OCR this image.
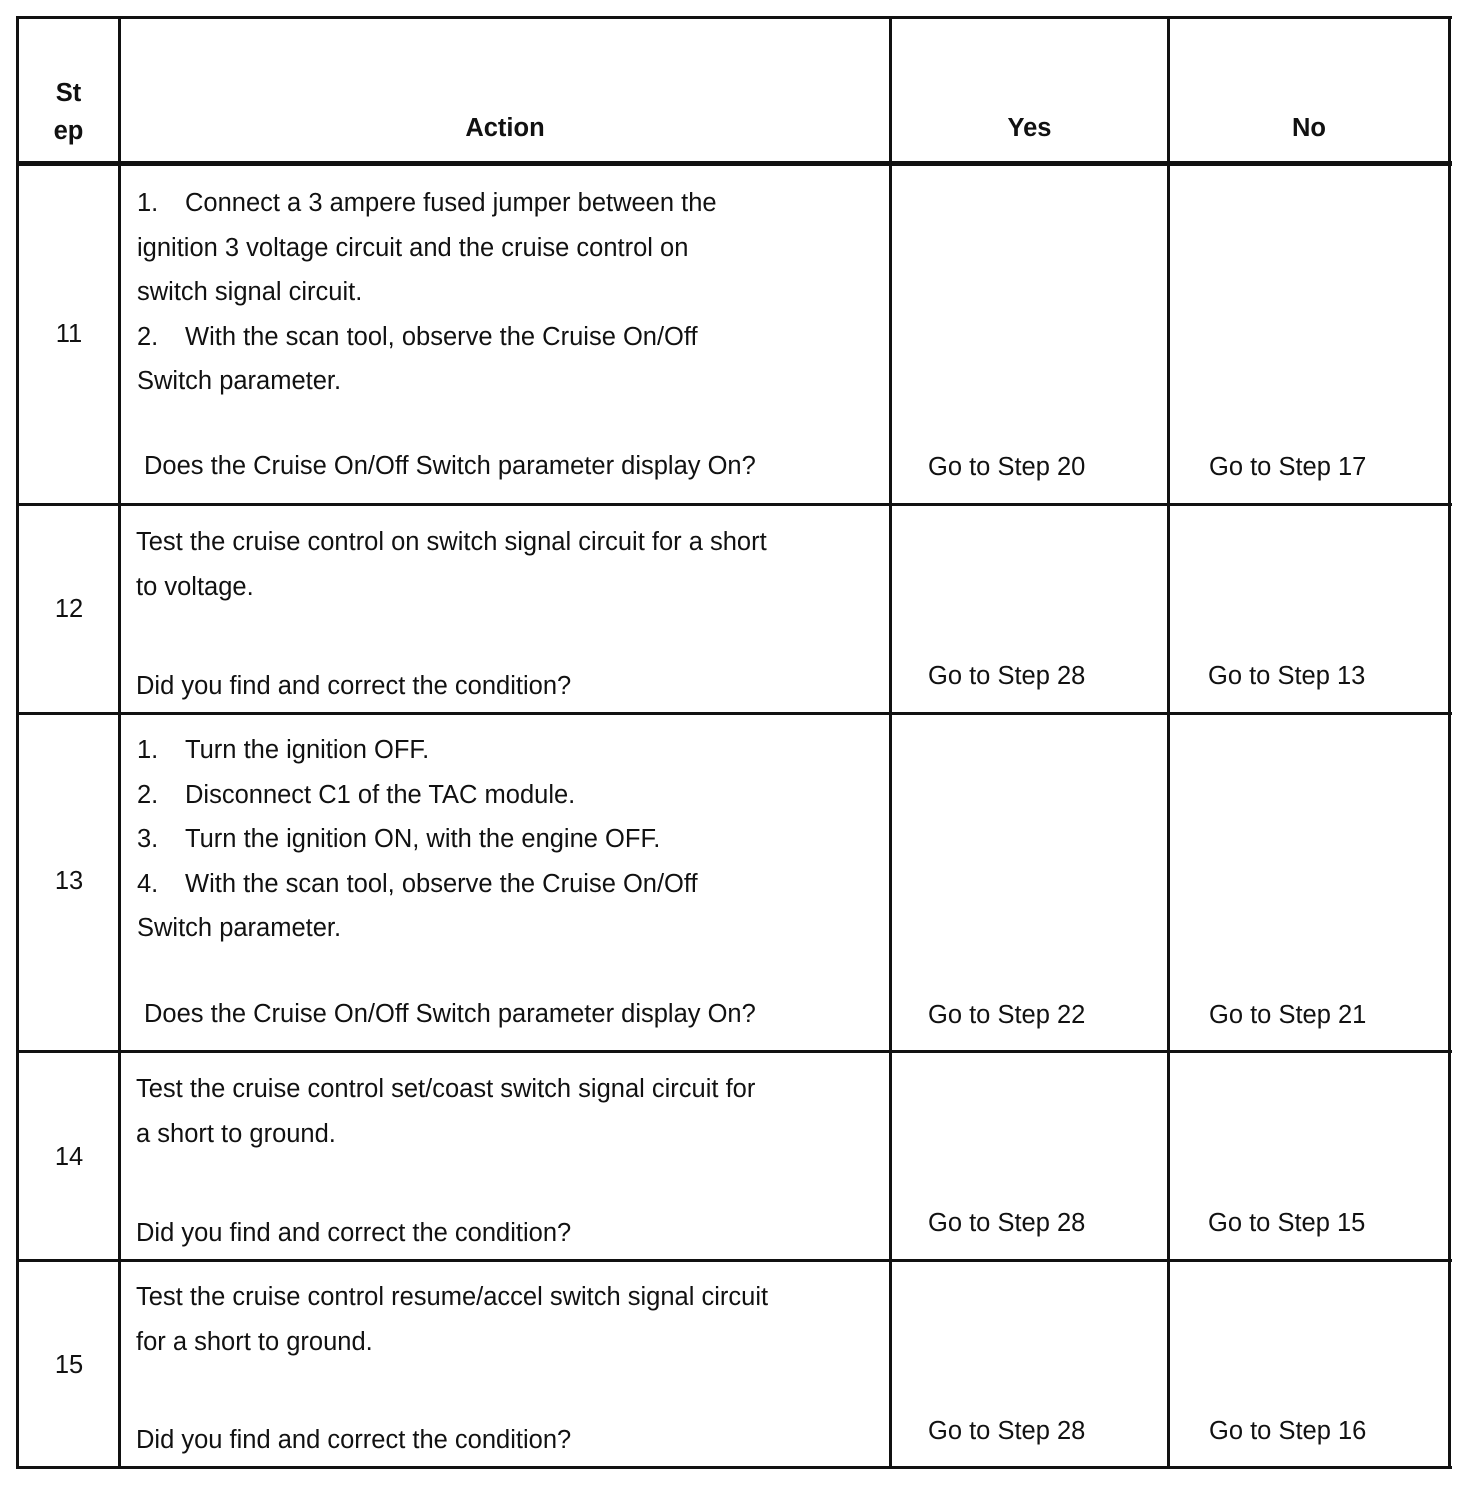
St
ep	Action	Yes	No
11
1. Connect a 3 ampere fused jumper between the
ignition 3 voltage circuit and the cruise control on
switch signal circuit.
2. With the scan tool, observe the Cruise On/Off
Switch parameter.
Does the Cruise On/Off Switch parameter display On?	Go to Step 20	Go to Step 17
12
Test the cruise control on switch signal circuit for a short
to voltage.
Did you find and correct the condition?	Go to Step 28	Go to Step 13
13
1. Turn the ignition OFF.
2. Disconnect C1 of the TAC module.
3. Turn the ignition ON, with the engine OFF.
4. With the scan tool, observe the Cruise On/Off
Switch parameter.
Does the Cruise On/Off Switch parameter display On?	Go to Step 22	Go to Step 21
14
Test the cruise control set/coast switch signal circuit for
a short to ground.
Did you find and correct the condition?	Go to Step 28	Go to Step 15
15
Test the cruise control resume/accel switch signal circuit
for a short to ground.
Did you find and correct the condition?	Go to Step 28	Go to Step 16
